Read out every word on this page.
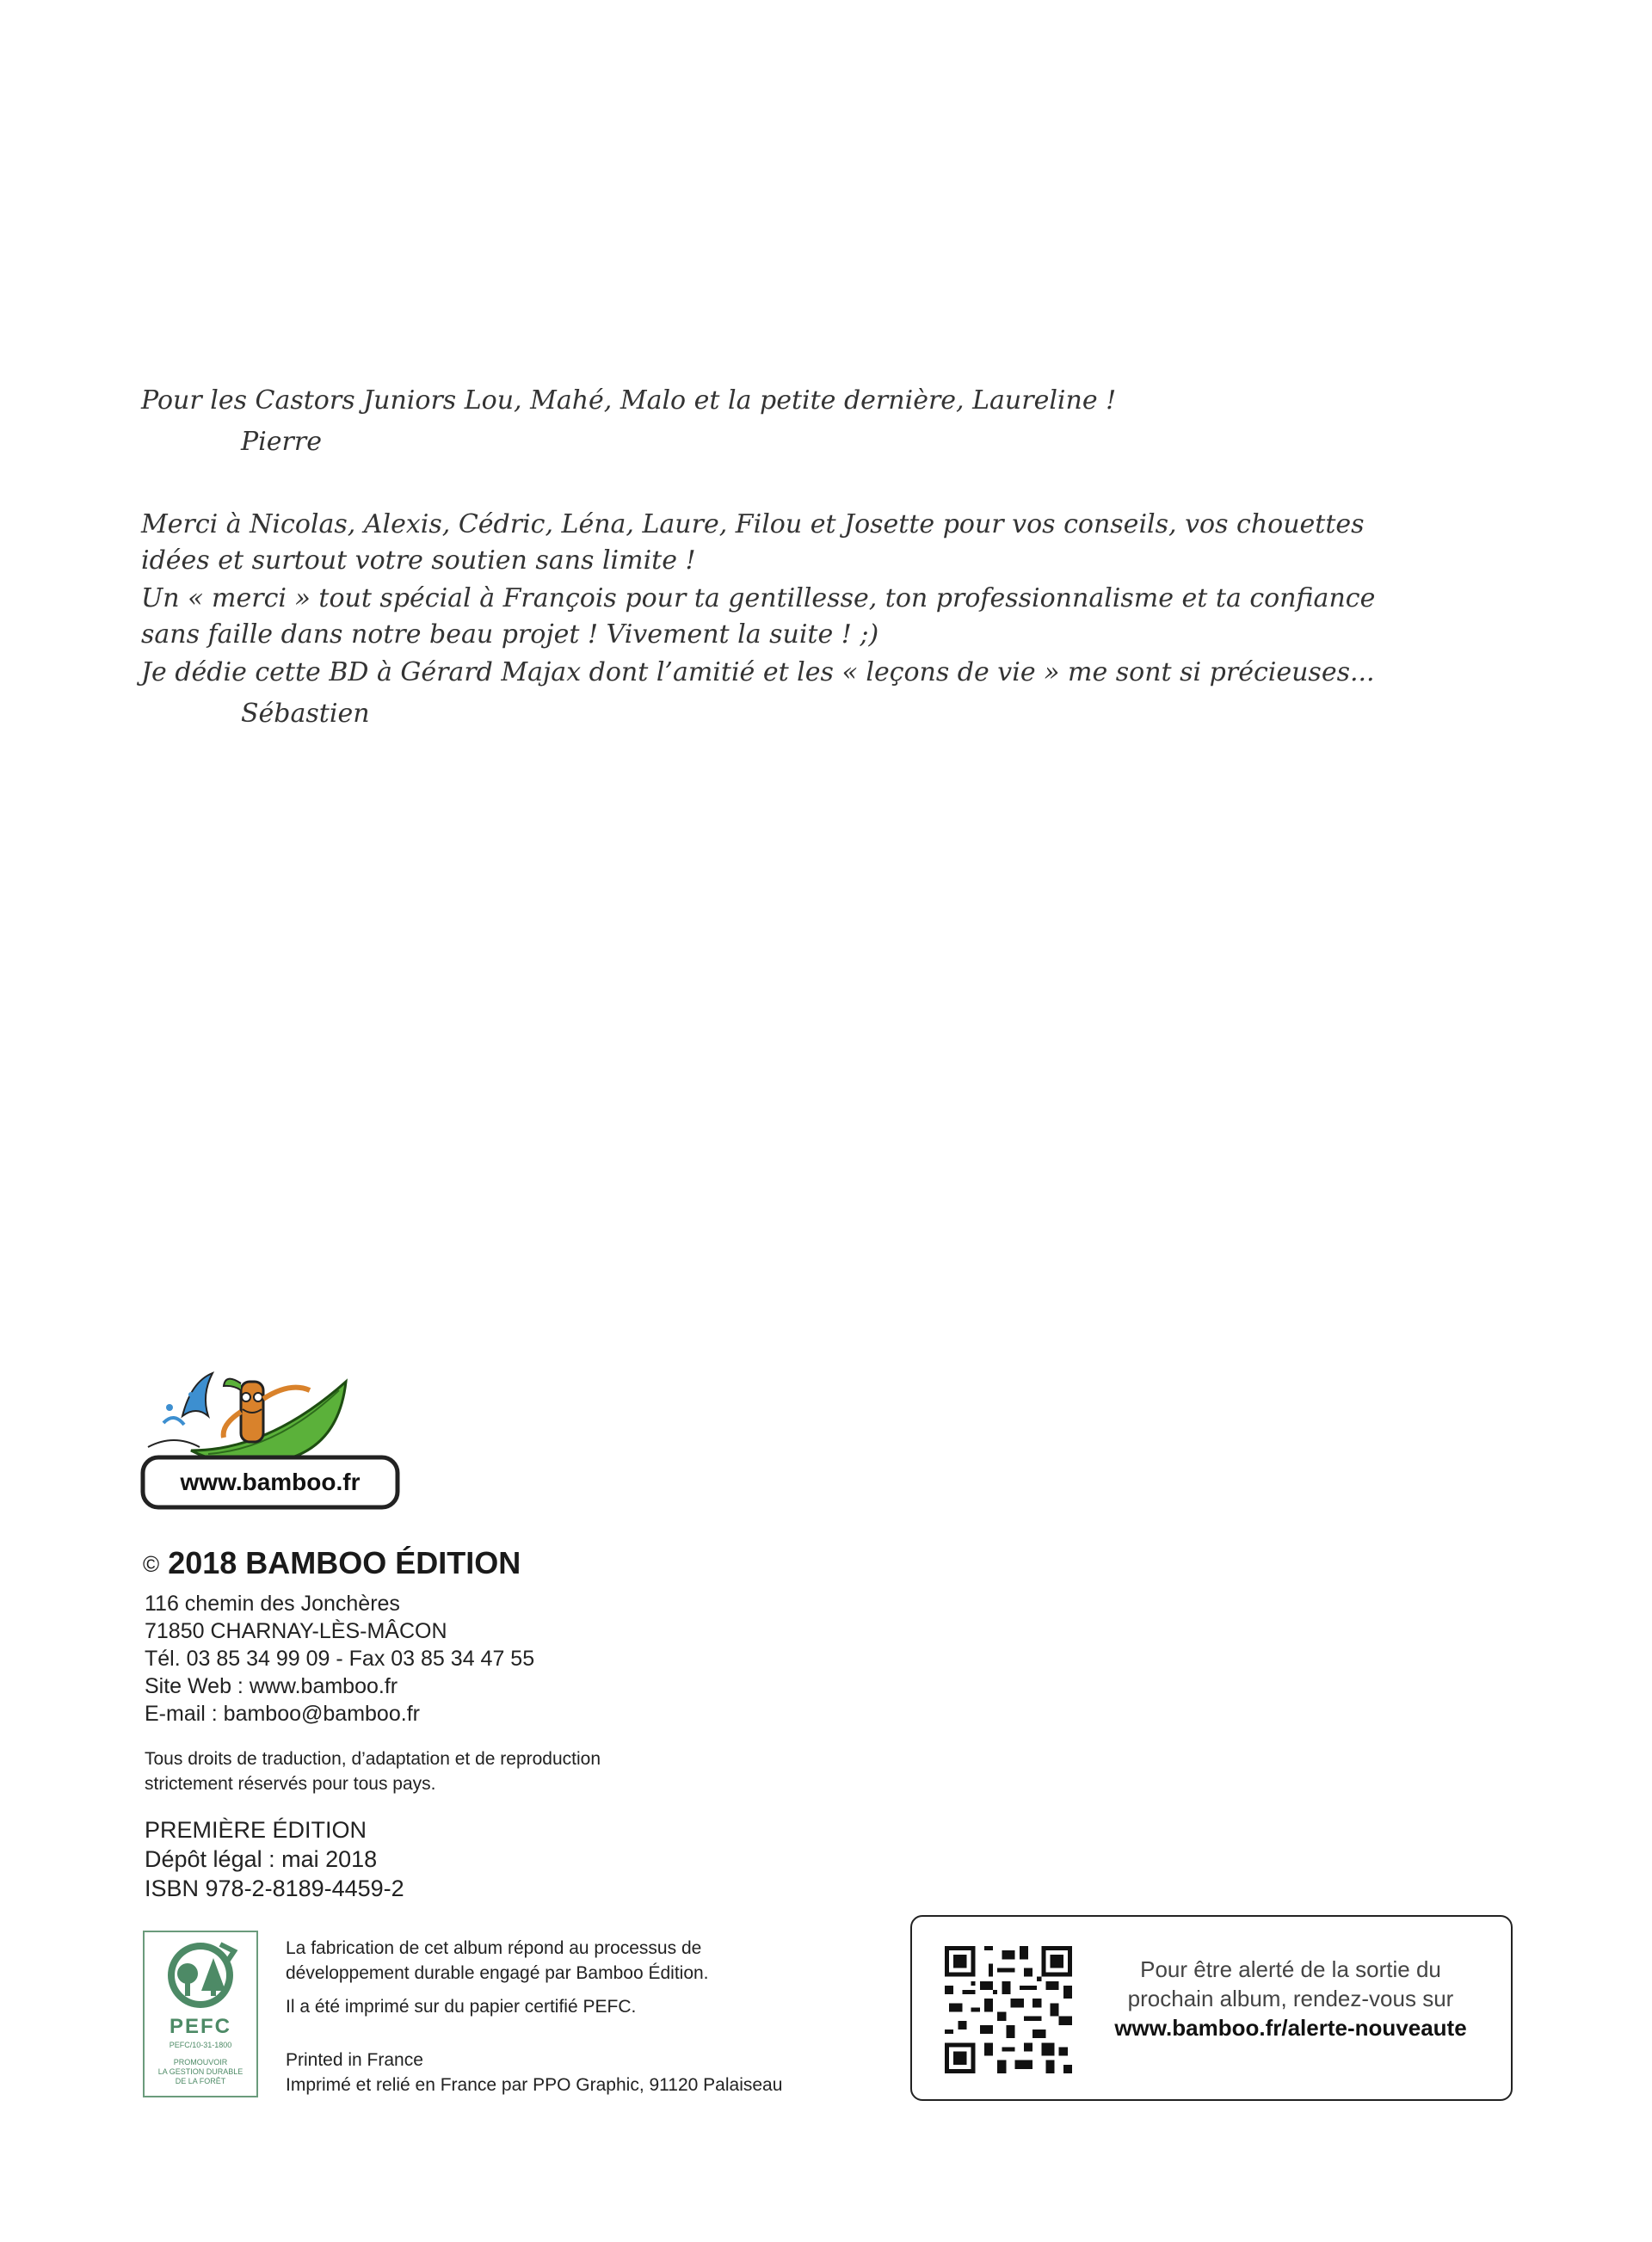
Pour les Castors Juniors Lou, Mahé, Malo et la petite dernière, Laureline !
Pierre
Merci à Nicolas, Alexis, Cédric, Léna, Laure, Filou et Josette pour vos conseils, vos chouettes
idées et surtout votre soutien sans limite !
Un « merci » tout spécial à François pour ta gentillesse, ton professionnalisme et ta confiance
sans faille dans notre beau projet ! Vivement la suite ! ;)
Je dédie cette BD à Gérard Majax dont l’amitié et les « leçons de vie » me sont si précieuses...
Sébastien
www.bamboo.fr
© 2018 BAMBOO ÉDITION
116 chemin des Jonchères
71850 CHARNAY-LÈS-MÂCON
Tél. 03 85 34 99 09 - Fax 03 85 34 47 55
Site Web : www.bamboo.fr
E-mail : bamboo@bamboo.fr
Tous droits de traduction, d’adaptation et de reproduction
strictement réservés pour tous pays.
PREMIÈRE ÉDITION
Dépôt légal : mai 2018
ISBN 978-2-8189-4459-2
PEFC
PEFC/10-31-1800
PROMOUVOIR
LA GESTION DURABLE
DE LA FORÊT
La fabrication de cet album répond au processus de
développement durable engagé par Bamboo Édition.
Il a été imprimé sur du papier certifié PEFC.
Printed in France
Imprimé et relié en France par PPO Graphic, 91120 Palaiseau
Pour être alerté de la sortie du
prochain album, rendez-vous sur
www.bamboo.fr/alerte-nouveaute
